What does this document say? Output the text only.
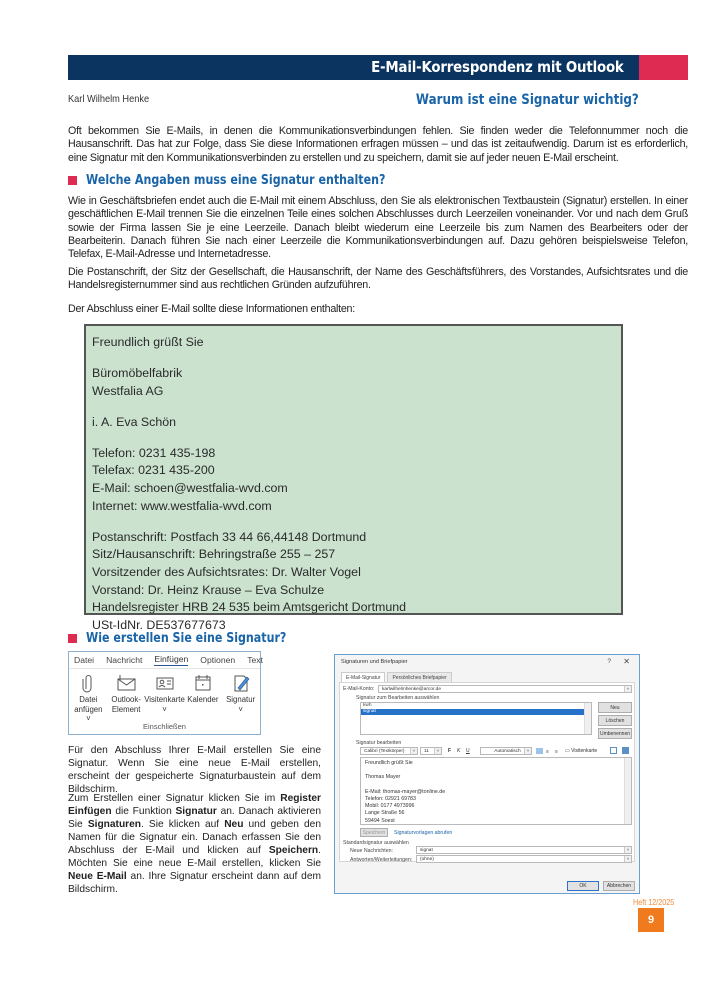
E-Mail-Korrespondenz mit Outlook
Karl Wilhelm Henke	Warum ist eine Signatur wichtig?
Oft bekommen Sie E-Mails, in denen die Kommunikationsverbindungen fehlen. Sie finden weder die Telefonnummer noch die Hausanschrift. Das hat zur Folge, dass Sie diese Informationen erfragen müssen – und das ist zeitaufwendig. Darum ist es erforderlich, eine Signatur mit den Kommunikationsverbinden zu erstellen und zu speichern, damit sie auf jeder neuen E-Mail erscheint.
Welche Angaben muss eine Signatur enthalten?
Wie in Geschäftsbriefen endet auch die E-Mail mit einem Abschluss, den Sie als elektronischen Textbaustein (Signatur) erstellen. In einer geschäftlichen E-Mail trennen Sie die einzelnen Teile eines solchen Abschlusses durch Leerzeilen voneinander. Vor und nach dem Gruß sowie der Firma lassen Sie je eine Leerzeile. Danach bleibt wiederum eine Leerzeile bis zum Namen des Bearbeiters oder der Bearbeiterin. Danach führen Sie nach einer Leerzeile die Kommunikationsverbindungen auf. Dazu gehören beispielsweise Telefon, Telefax, E-Mail-Adresse und Internetadresse.
Die Postanschrift, der Sitz der Gesellschaft, die Hausanschrift, der Name des Geschäftsführers, des Vorstandes, Aufsichtsrates und die Handelsregisternummer sind aus rechtlichen Gründen aufzuführen.
Der Abschluss einer E-Mail sollte diese Informationen enthalten:
Freundlich grüßt Sie
Büromöbelfabrik
Westfalia AG
i. A. Eva Schön
Telefon: 0231 435-198
Telefax: 0231 435-200
E-Mail: schoen@westfalia-wvd.com
Internet: www.westfalia-wvd.com
Postanschrift: Postfach 33 44 66,44148 Dortmund
Sitz/Hausanschrift: Behringstraße 255 – 257
Vorsitzender des Aufsichtsrates: Dr. Walter Vogel
Vorstand: Dr. Heinz Krause – Eva Schulze
Handelsregister HRB 24 535 beim Amtsgericht Dortmund
USt-IdNr. DE537677673
Wie erstellen Sie eine Signatur?
Datei Nachricht Einfügen Optionen Text
Datei
anfügen ˅
Outlook-
Element
Visitenkarte
˅
Kalender Signatur
˅
Einschließen
Für den Abschluss Ihrer E-Mail erstellen Sie eine Signatur. Wenn Sie eine neue E-Mail erstellen, erscheint der gespeicherte Signaturbaustein auf dem Bildschirm.
Zum Erstellen einer Signatur klicken Sie im Register Einfügen die Funktion Signatur an. Danach aktivieren Sie Signaturen. Sie klicken auf Neu und geben den Namen für die Signatur ein. Danach erfassen Sie den Abschluss der E-Mail und klicken auf Speichern. Möchten Sie eine neue E-Mail erstellen, klicken Sie Neue E-Mail an. Ihre Signatur erscheint dann auf dem Bildschirm.
Signaturen und Briefpapier	? ✕
E-Mail-Signatur	Persönliches Briefpapier
E-Mail-Konto:	karlwilhelmhenke@arcor.de	˅
Signatur zum Bearbeiten auswählen
kwh
signat
Neu
Löschen
Umbenennen
Signatur bearbeiten
Calibri (Textkörper)	˅	11	˅	F K U	Automatisch	˅	≡ ≡ ▭ Visitenkarte
Freundlich grüßt Sie
Thomas Mayer
E-Mail: thomas-mayer@tonline.de
Telefon: 02921 69783
Mobil: 0177 4973996
Lange Straße 56
59494 Soest
Speichern	Signaturvorlagen abrufen
Standardsignatur auswählen
Neue Nachrichten:	signat	˅
Antworten/Weiterleitungen:	(ohne)	˅
OK	Abbrechen
Heft 12/2025
9
